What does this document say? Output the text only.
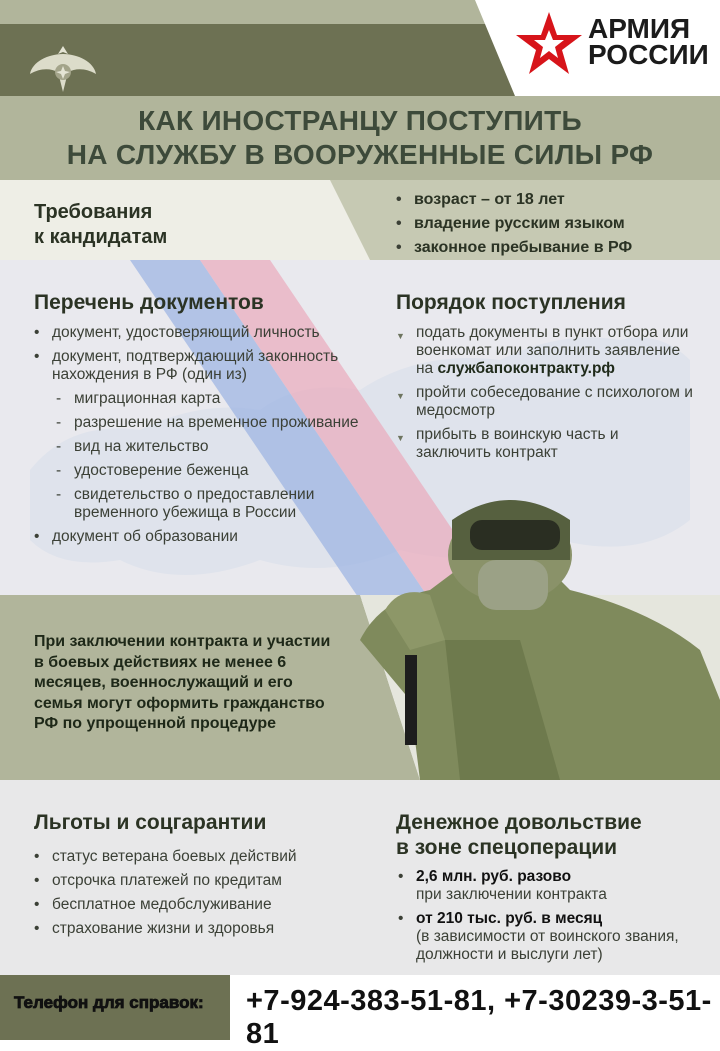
АРМИЯ
РОССИИ
КАК ИНОСТРАНЦУ ПОСТУПИТЬ
НА СЛУЖБУ В ВООРУЖЕННЫЕ СИЛЫ РФ
Требования
к кандидатам
• возраст – от 18 лет
• владение русским языком
• законное пребывание в РФ
Перечень документов
• документ, удостоверяющий личность
• документ, подтверждающий законность нахождения в РФ (один из)
- миграционная карта
- разрешение на временное проживание
- вид на жительство
- удостоверение беженца
- свидетельство о предоставлении временного убежища в России
• документ об образовании
Порядок поступления
▼ подать документы в пункт отбора или военкомат или заполнить заявление на службапоконтракту.рф
▼ пройти собеседование с психологом и медосмотр
▼ прибыть в воинскую часть и заключить контракт
При заключении контракта и участии в боевых действиях не менее 6 месяцев, военнослужащий и его семья могут оформить гражданство РФ по упрощенной процедуре
Льготы и соцгарантии
• статус ветерана боевых действий
• отсрочка платежей по кредитам
• бесплатное медобслуживание
• страхование жизни и здоровья
Денежное довольствие
в зоне спецоперации
• 2,6 млн. руб. разово
при заключении контракта
• от 210 тыс. руб. в месяц
(в зависимости от воинского звания, должности и выслуги лет)
Телефон для справок: +7-924-383-51-81, +7-30239-3-51-81
